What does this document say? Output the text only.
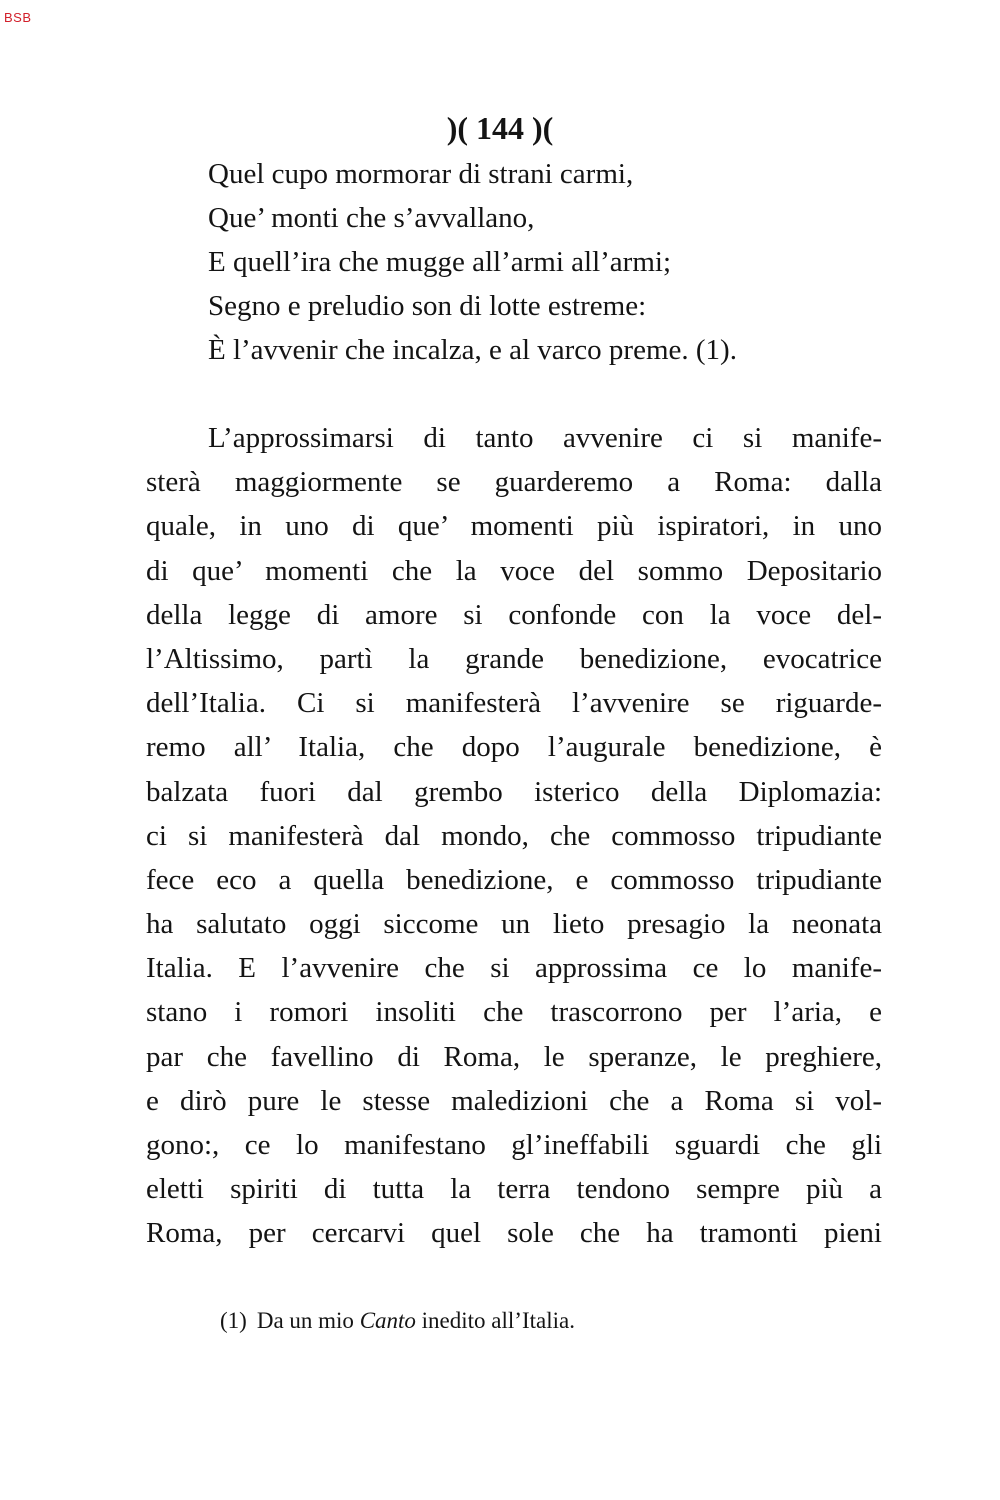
BSB
)( 144 )(
Quel cupo mormorar di strani carmi,
Que’ monti che s’avvallano,
E quell’ira che mugge all’armi all’armi;
Segno e preludio son di lotte estreme:
È l’avvenir che incalza, e al varco preme. (1).
L’approssimarsi di tanto avvenire ci si manife-
sterà maggiormente se guarderemo a Roma: dalla
quale, in uno di que’ momenti più ispiratori, in uno
di que’ momenti che la voce del sommo Depositario
della legge di amore si confonde con la voce del-
l’Altissimo, partì la grande benedizione, evocatrice
dell’Italia. Ci si manifesterà l’avvenire se riguarde-
remo all’ Italia, che dopo l’augurale benedizione, è
balzata fuori dal grembo isterico della Diplomazia:
ci si manifesterà dal mondo, che commosso tripudiante
fece eco a quella benedizione, e commosso tripudiante
ha salutato oggi siccome un lieto presagio la neonata
Italia. E l’avvenire che si approssima ce lo manife-
stano i romori insoliti che trascorrono per l’aria, e
par che favellino di Roma, le speranze, le preghiere,
e dirò pure le stesse maledizioni che a Roma si vol-
gono:, ce lo manifestano gl’ineffabili sguardi che gli
eletti spiriti di tutta la terra tendono sempre più a
Roma, per cercarvi quel sole che ha tramonti pieni
(1) Da un mio Canto inedito all’Italia.
